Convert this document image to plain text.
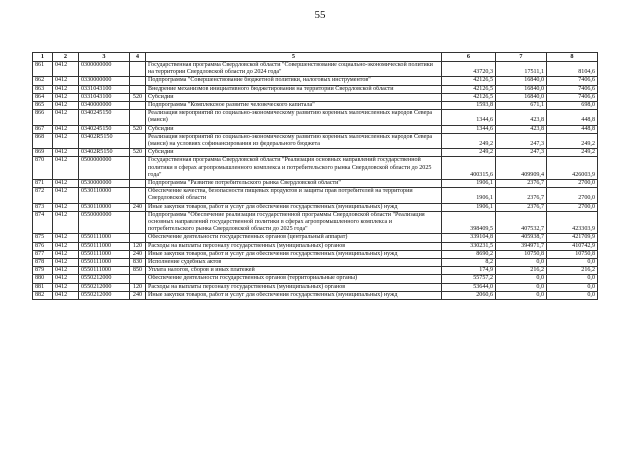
55
1	2	3	4	5	6	7	8
861	0412	0300000000		Государственная программа Свердловской области "Совершенствование социально-экономической политики на территории Свердловской области до 2024 года"	43720,3	17511,1	8104,6
862	0412	0330000000		Подпрограмма "Совершенствование бюджетной политики, налоговых инструментов"	42126,5	16840,0	7406,6
863	0412	0331043100		Внедрение механизмов инициативного бюджетирования на территории Свердловской области	42126,5	16840,0	7406,6
864	0412	0331043100	520	Субсидии	42126,5	16840,0	7406,6
865	0412	0340000000		Подпрограмма "Комплексное развитие человеческого капитала"	1593,8	671,1	698,0
866	0412	0340245150		Реализация мероприятий по социально-экономическому развитию коренных малочисленных народов Севера (манси)	1344,6	423,8	448,8
867	0412	0340245150	520	Субсидии	1344,6	423,8	448,8
868	0412	03402R5150		Реализация мероприятий по социально-экономическому развитию коренных малочисленных народов Севера (манси) на условиях софинансирования из федерального бюджета	249,2	247,3	249,2
869	0412	03402R5150	520	Субсидии	249,2	247,3	249,2
870	0412	0500000000		Государственная программа Свердловской области "Реализация основных направлений государственной политики в сферах агропромышленного комплекса и потребительского рынка Свердловской области до 2025 года"	400315,6	409909,4	426003,9
871	0412	0530000000		Подпрограмма "Развитие потребительского рынка Свердловской области"	1906,1	2376,7	2700,0
872	0412	0530110000		Обеспечение качества, безопасности пищевых продуктов и защиты прав потребителей на территории Свердловской области	1906,1	2376,7	2700,0
873	0412	0530110000	240	Иные закупки товаров, работ и услуг для обеспечения государственных (муниципальных) нужд	1906,1	2376,7	2700,0
874	0412	0550000000		Подпрограмма "Обеспечение реализации государственной программы Свердловской области "Реализация основных направлений государственной политики в сферах агропромышленного комплекса и потребительского рынка Свердловской области до 2025 года"	398409,5	407532,7	423303,9
875	0412	0550111000		Обеспечение деятельности государственных органов (центральный аппарат)	339104,8	405938,7	421709,9
876	0412	0550111000	120	Расходы на выплаты персоналу государственных (муниципальных) органов	330231,5	394971,7	410742,9
877	0412	0550111000	240	Иные закупки товаров, работ и услуг для обеспечения государственных (муниципальных) нужд	8690,2	10750,8	10750,8
878	0412	0550111000	830	Исполнение судебных актов	8,2	0,0	0,0
879	0412	0550111000	850	Уплата налогов, сборов и иных платежей	174,9	216,2	216,2
880	0412	0550212000		Обеспечение деятельности государственных органов (территориальные органы)	55757,2	0,0	0,0
881	0412	0550212000	120	Расходы на выплаты персоналу государственных (муниципальных) органов	53644,0	0,0	0,0
882	0412	0550212000	240	Иные закупки товаров, работ и услуг для обеспечения государственных (муниципальных) нужд	2060,6	0,0	0,0
